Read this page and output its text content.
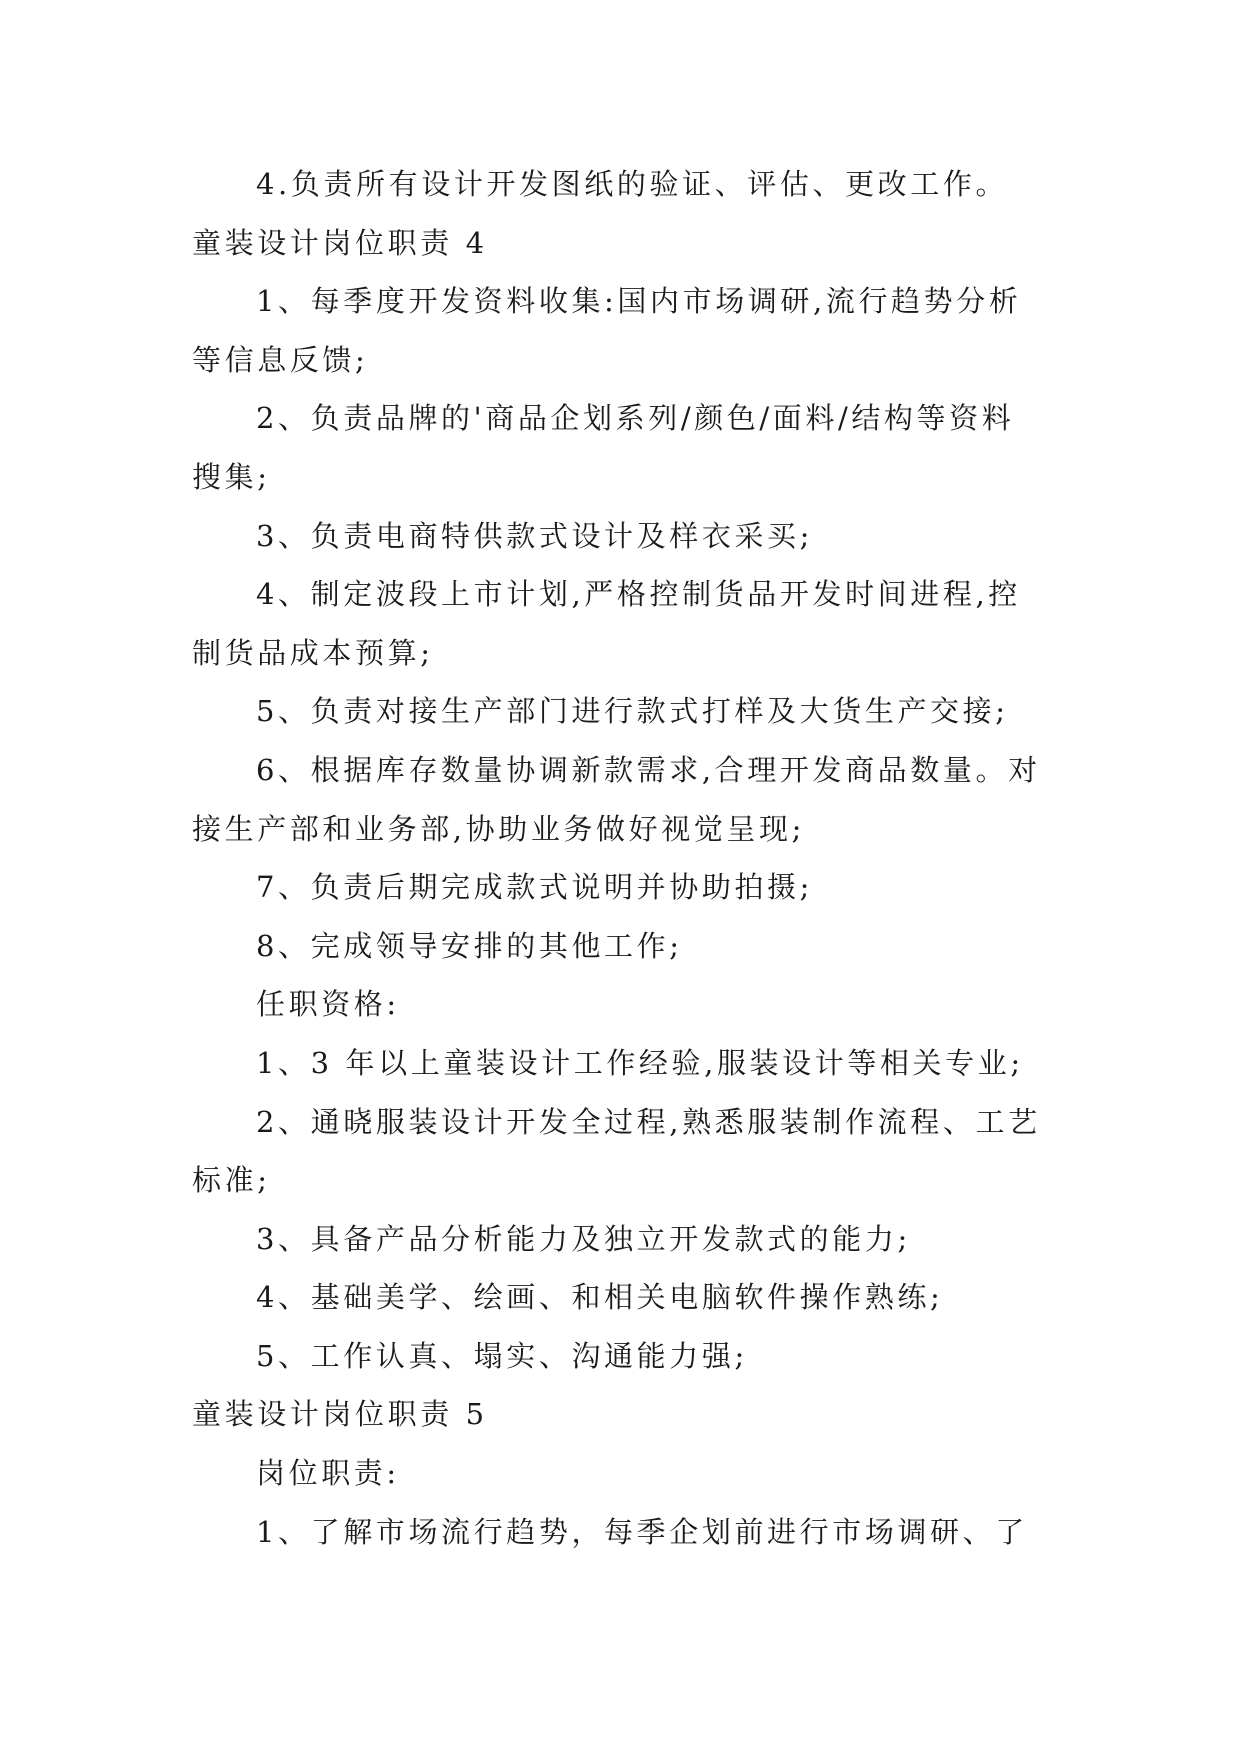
4.负责所有设计开发图纸的验证、评估、更改工作。
童装设计岗位职责 4
1、每季度开发资料收集:国内市场调研,流行趋势分析
等信息反馈;
2、负责品牌的'商品企划系列/颜色/面料/结构等资料
搜集;
3、负责电商特供款式设计及样衣采买;
4、制定波段上市计划,严格控制货品开发时间进程,控
制货品成本预算;
5、负责对接生产部门进行款式打样及大货生产交接;
6、根据库存数量协调新款需求,合理开发商品数量。对
接生产部和业务部,协助业务做好视觉呈现;
7、负责后期完成款式说明并协助拍摄;
8、完成领导安排的其他工作;
任职资格:
1、3 年以上童装设计工作经验,服装设计等相关专业;
2、通晓服装设计开发全过程,熟悉服装制作流程、工艺
标准;
3、具备产品分析能力及独立开发款式的能力;
4、基础美学、绘画、和相关电脑软件操作熟练;
5、工作认真、塌实、沟通能力强;
童装设计岗位职责 5
岗位职责:
1、了解市场流行趋势，每季企划前进行市场调研、了
